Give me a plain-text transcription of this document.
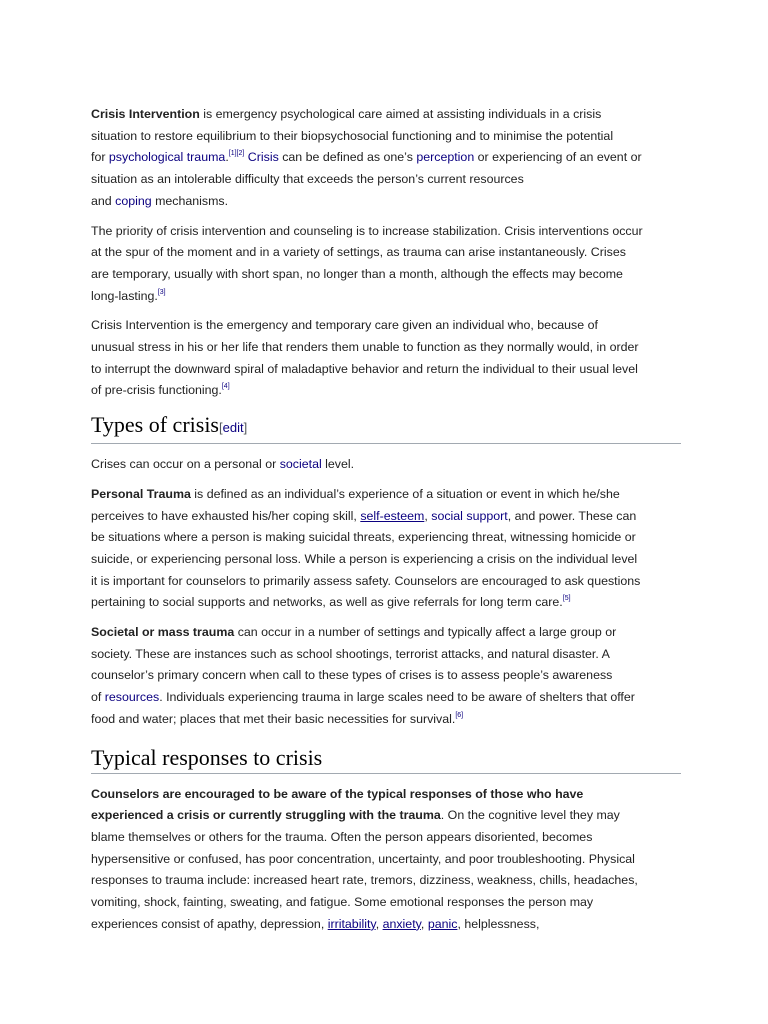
Crisis Intervention is emergency psychological care aimed at assisting individuals in a crisis
situation to restore equilibrium to their biopsychosocial functioning and to minimise the potential
for psychological trauma.[1][2] Crisis can be defined as one’s perception or experiencing of an event or
situation as an intolerable difficulty that exceeds the person’s current resources
and coping mechanisms.

The priority of crisis intervention and counseling is to increase stabilization. Crisis interventions occur
at the spur of the moment and in a variety of settings, as trauma can arise instantaneously. Crises
are temporary, usually with short span, no longer than a month, although the effects may become
long-lasting.[3]

Crisis Intervention is the emergency and temporary care given an individual who, because of
unusual stress in his or her life that renders them unable to function as they normally would, in order
to interrupt the downward spiral of maladaptive behavior and return the individual to their usual level
of pre-crisis functioning.[4]

Types of crisis[edit]

Crises can occur on a personal or societal level.

Personal Trauma is defined as an individual’s experience of a situation or event in which he/she
perceives to have exhausted his/her coping skill, self-esteem, social support, and power. These can
be situations where a person is making suicidal threats, experiencing threat, witnessing homicide or
suicide, or experiencing personal loss. While a person is experiencing a crisis on the individual level
it is important for counselors to primarily assess safety. Counselors are encouraged to ask questions
pertaining to social supports and networks, as well as give referrals for long term care.[5]

Societal or mass trauma can occur in a number of settings and typically affect a large group or
society. These are instances such as school shootings, terrorist attacks, and natural disaster. A
counselor’s primary concern when call to these types of crises is to assess people’s awareness
of resources. Individuals experiencing trauma in large scales need to be aware of shelters that offer
food and water; places that met their basic necessities for survival.[6]

Typical responses to crisis

Counselors are encouraged to be aware of the typical responses of those who have
experienced a crisis or currently struggling with the trauma. On the cognitive level they may
blame themselves or others for the trauma. Often the person appears disoriented, becomes
hypersensitive or confused, has poor concentration, uncertainty, and poor troubleshooting. Physical
responses to trauma include: increased heart rate, tremors, dizziness, weakness, chills, headaches,
vomiting, shock, fainting, sweating, and fatigue. Some emotional responses the person may
experiences consist of apathy, depression, irritability, anxiety, panic, helplessness,
